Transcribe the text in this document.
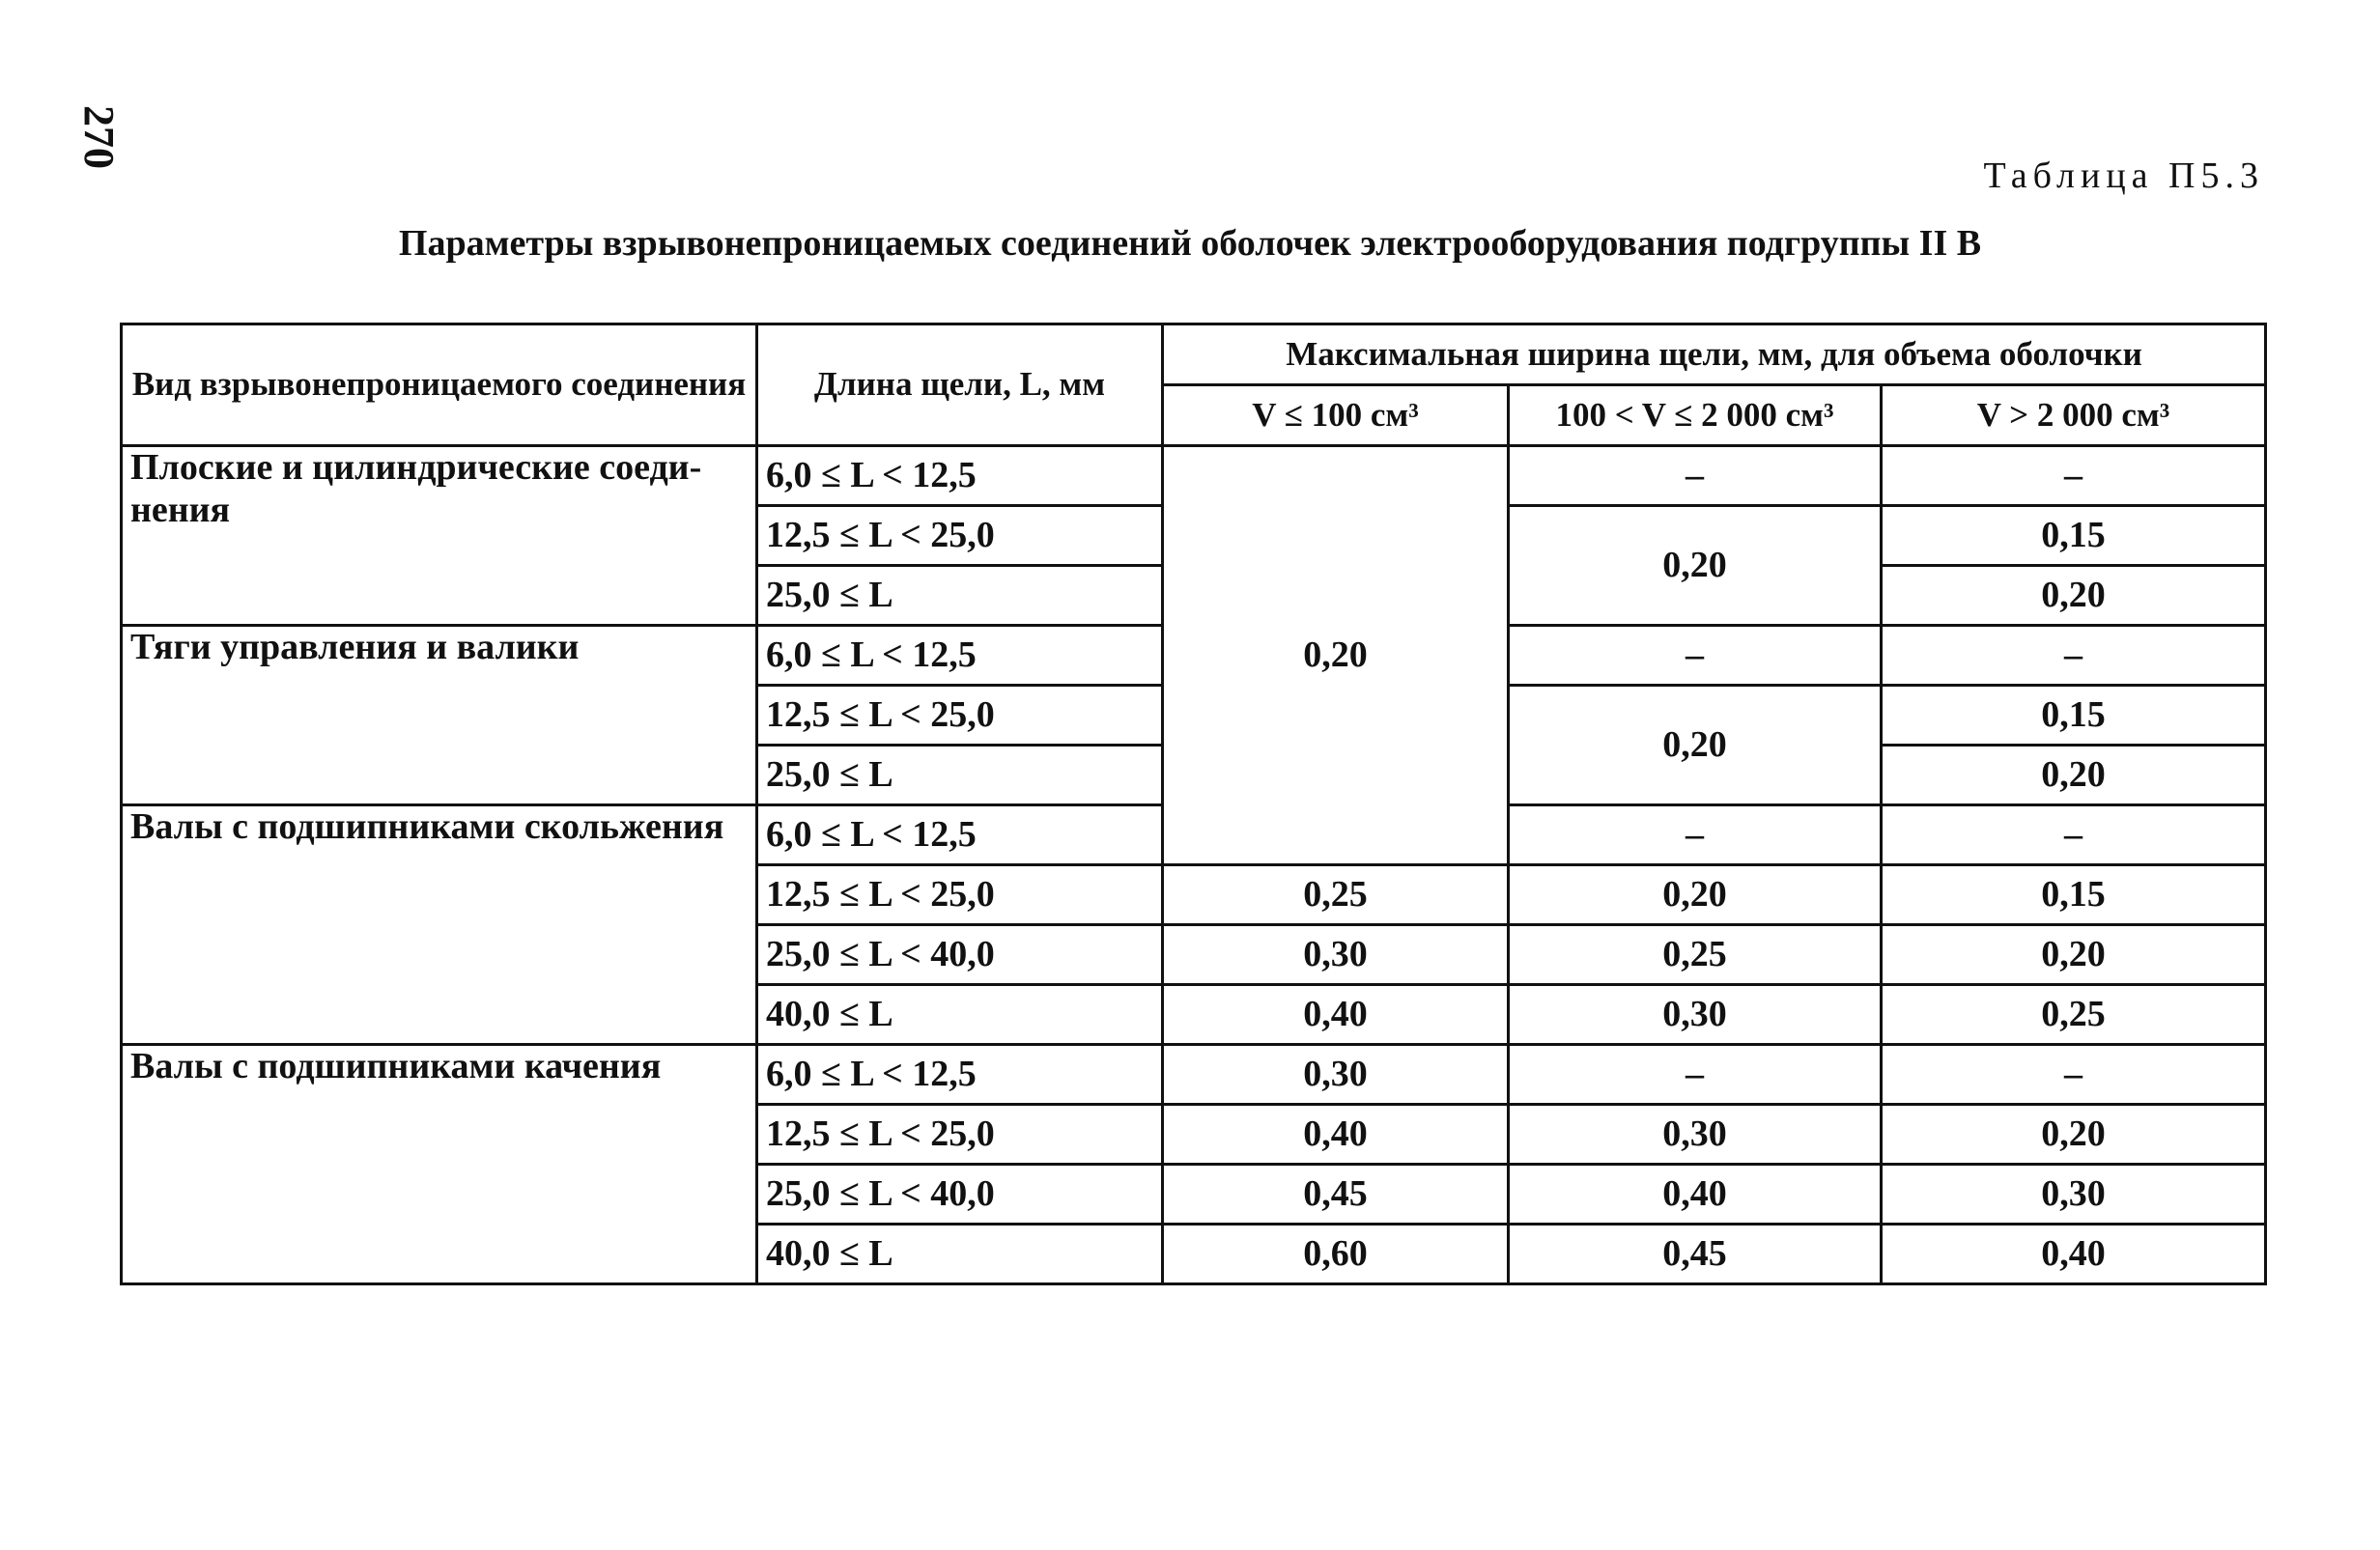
270
Таблица П5.3
Параметры взрывонепроницаемых соединений оболочек электрооборудования подгруппы II B
Вид взрывонепроницаемого соединения	Длина щели, L, мм	Максимальная ширина щели, мм, для объема оболочки		
		V ≤ 100 см³	100 < V ≤ 2 000 см³	V > 2 000 см³
Плоские и цилиндрические соеди-нения	6,0 ≤ L < 12,5	0,20	–	–
	12,5 ≤ L < 25,0		0,20	0,15
	25,0 ≤ L			0,20
Тяги управления и валики	6,0 ≤ L < 12,5		–	–
	12,5 ≤ L < 25,0		0,20	0,15
	25,0 ≤ L			0,20
Валы с подшипниками скольжения	6,0 ≤ L < 12,5		–	–
	12,5 ≤ L < 25,0	0,25	0,20	0,15
	25,0 ≤ L < 40,0	0,30	0,25	0,20
	40,0 ≤ L	0,40	0,30	0,25
Валы с подшипниками качения	6,0 ≤ L < 12,5	0,30	–	–
	12,5 ≤ L < 25,0	0,40	0,30	0,20
	25,0 ≤ L < 40,0	0,45	0,40	0,30
	40,0 ≤ L	0,60	0,45	0,40
